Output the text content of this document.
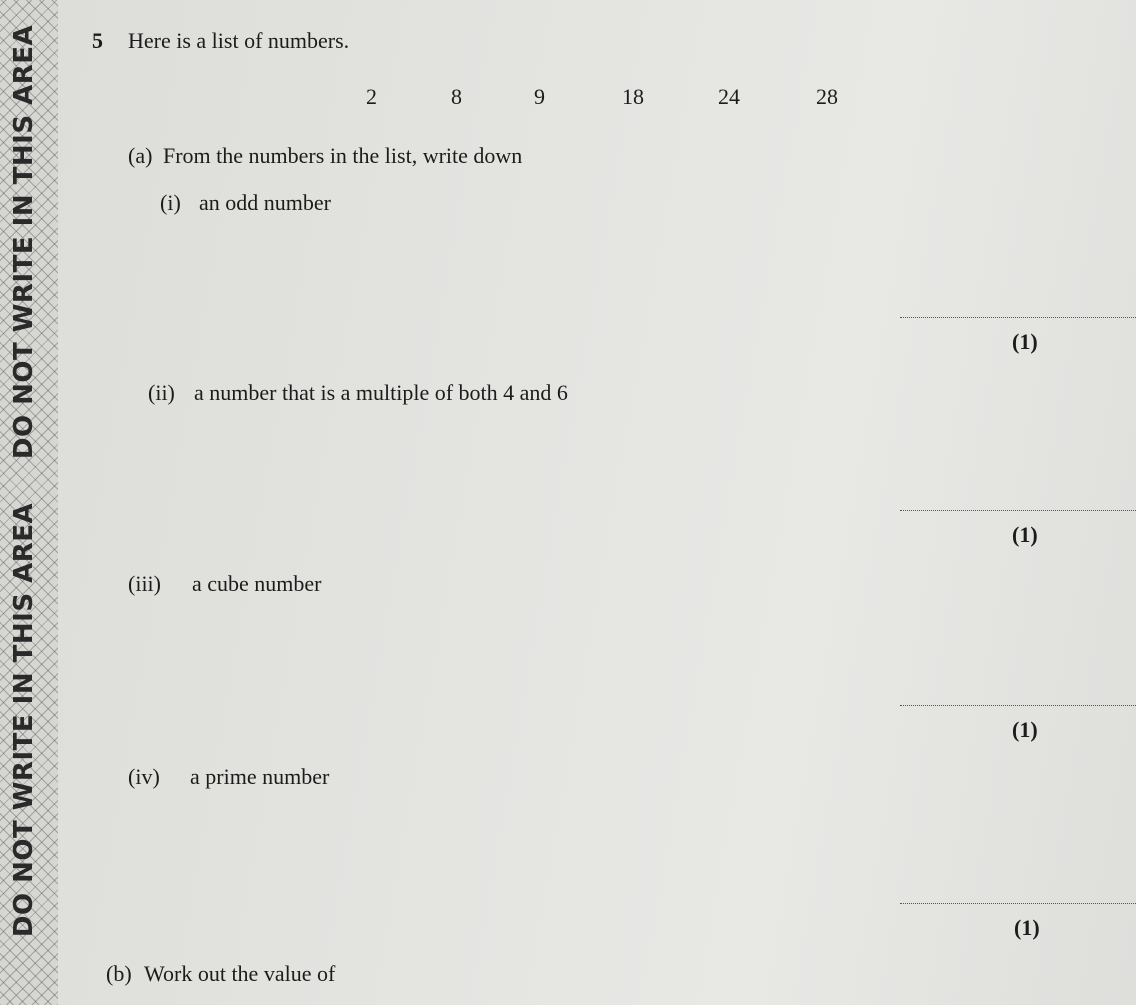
DO NOT WRITE IN THIS AREA
DO NOT WRITE IN THIS AREA
5 Here is a list of numbers.
2	8	9	18	24	28
(a) From the numbers in the list, write down
(i) an odd number
(1)
(ii) a number that is a multiple of both 4 and 6
(1)
(iii) a cube number
(1)
(iv) a prime number
(1)
(b) Work out the value of
